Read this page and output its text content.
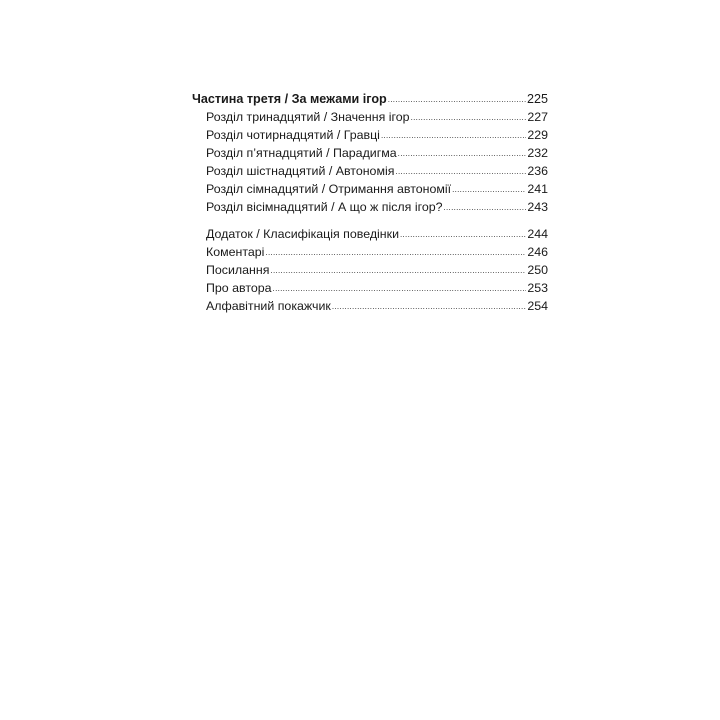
Частина третя / За межами ігор .....	225
Розділ тринадцятий / Значення ігор .....	227
Розділ чотирнадцятий / Гравці .....	229
Розділ п’ятнадцятий / Парадигма .....	232
Розділ шістнадцятий / Автономія .....	236
Розділ сімнадцятий / Отримання автономії .....	241
Розділ вісімнадцятий / А що ж після ігор? .....	243
Додаток / Класифікація поведінки .....	244
Коментарі .....	246
Посилання .....	250
Про автора .....	253
Алфавітний покажчик .....	254
